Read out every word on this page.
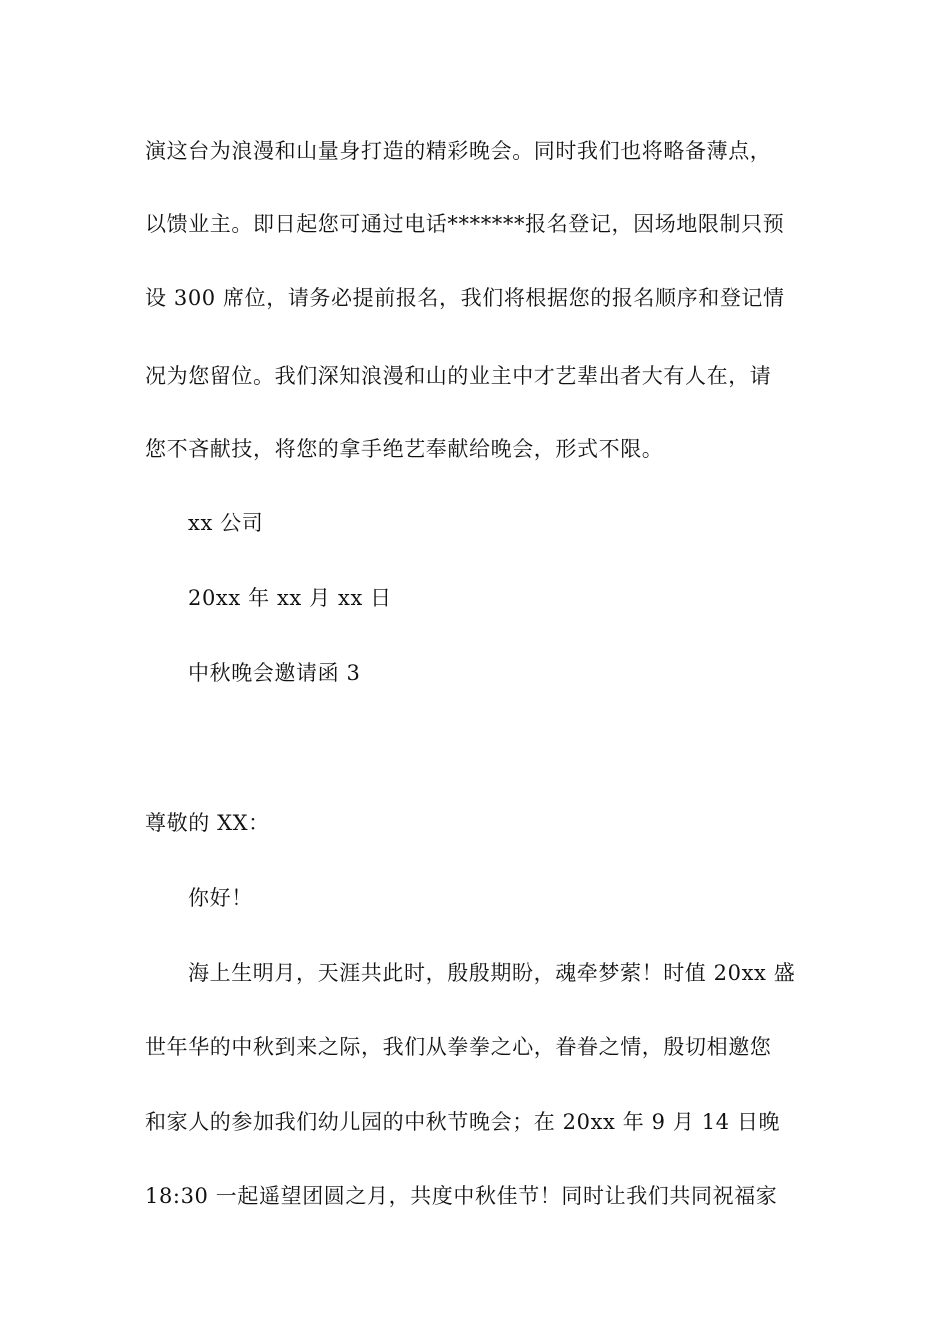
演这台为浪漫和山量身打造的精彩晚会。同时我们也将略备薄点，
以馈业主。即日起您可通过电话*******报名登记，因场地限制只预
设 300 席位，请务必提前报名，我们将根据您的报名顺序和登记情
况为您留位。我们深知浪漫和山的业主中才艺辈出者大有人在，请
您不吝献技，将您的拿手绝艺奉献给晚会，形式不限。
xx 公司
20xx 年 xx 月 xx 日
中秋晚会邀请函 3
尊敬的 XX：
你好！
海上生明月，天涯共此时，殷殷期盼，魂牵梦萦！时值 20xx 盛
世年华的中秋到来之际，我们从拳拳之心，眷眷之情，殷切相邀您
和家人的参加我们幼儿园的中秋节晚会；在 20xx 年 9 月 14 日晚
18:30 一起遥望团圆之月，共度中秋佳节！同时让我们共同祝福家
